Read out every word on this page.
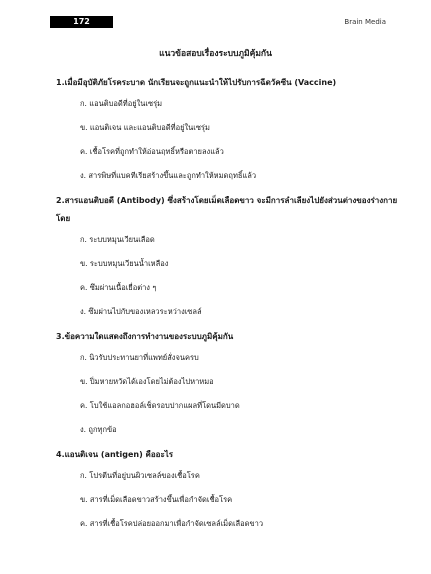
172	Brain Media
แนวข้อสอบเรื่องระบบภูมิคุ้มกัน

1.เมื่อมีอุบัติภัยโรคระบาด นักเรียนจะถูกแนะนำให้ไปรับการฉีดวัคซีน (Vaccine)

ก. แอนติบอดีที่อยู่ในเซรุ่ม

ข. แอนติเจน และแอนติบอดีที่อยู่ในเซรุ่ม

ค. เชื้อโรคที่ถูกทำให้อ่อนฤทธิ์หรือตายลงแล้ว

ง. สารพิษที่แบคทีเรียสร้างขึ้นและถูกทำให้หมดฤทธิ์แล้ว

2.สารแอนติบอดี (Antibody) ซึ่งสร้างโดยเม็ดเลือดขาว จะมีการลำเลียงไปยังส่วนต่างของร่างกายโดย

ก. ระบบหมุนเวียนเลือด

ข. ระบบหมุนเวียนน้ำเหลือง

ค. ซึมผ่านเนื้อเยื่อต่าง ๆ

ง. ซึมผ่านไปกับของเหลวระหว่างเซลล์

3.ข้อความใดแสดงถึงการทำงานของระบบภูมิคุ้มกัน

ก. นิวรับประทานยาที่แพทย์สั่งจนครบ

ข. ปิ่มหายหวัดได้เองโดยไม่ต้องไปหาหมอ

ค. โบใช้แอลกอฮอล์เช็ดรอบปากแผลที่โดนมีดบาด

ง. ถูกทุกข้อ

4.แอนติเจน (antigen) คืออะไร

ก. โปรตีนที่อยู่บนผิวเซลล์ของเชื้อโรค

ข. สารที่เม็ดเลือดขาวสร้างขึ้นเพื่อกำจัดเชื้อโรค

ค. สารที่เชื้อโรคปล่อยออกมาเพื่อกำจัดเซลล์เม็ดเลือดขาว
